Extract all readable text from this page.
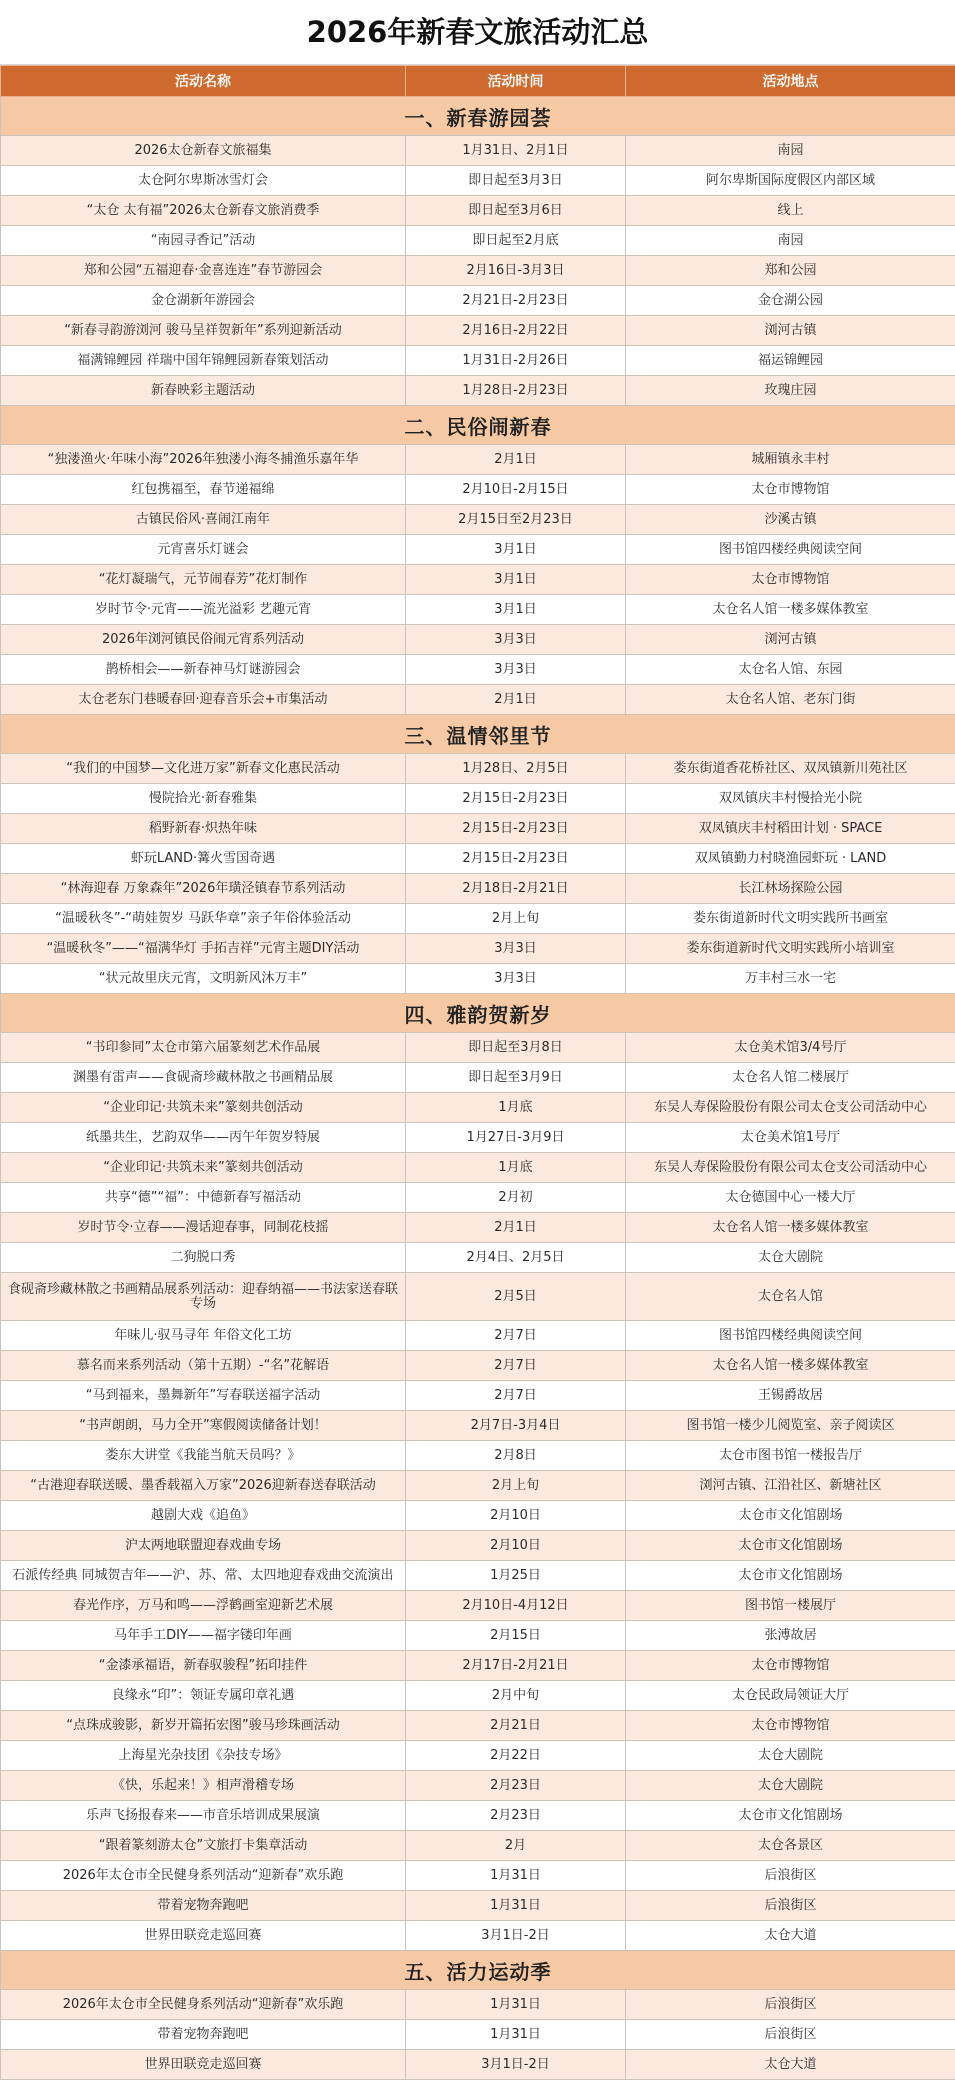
2026年新春文旅活动汇总
活动名称	活动时间	活动地点
一、新春游园荟		
2026太仓新春文旅福集	1月31日、2月1日	南园
太仓阿尔卑斯冰雪灯会	即日起至3月3日	阿尔卑斯国际度假区内部区域
“太仓 太有福”2026太仓新春文旅消费季	即日起至3月6日	线上
“南园寻香记”活动	即日起至2月底	南园
郑和公园“五福迎春·金喜连连”春节游园会	2月16日-3月3日	郑和公园
金仓湖新年游园会	2月21日-2月23日	金仓湖公园
“新春寻韵游浏河 骏马呈祥贺新年”系列迎新活动	2月16日-2月22日	浏河古镇
福满锦鲤园 祥瑞中国年锦鲤园新春策划活动	1月31日-2月26日	福运锦鲤园
新春映彩主题活动	1月28日-2月23日	玫瑰庄园
二、民俗闹新春		
“独溇渔火·年味小海”2026年独溇小海冬捕渔乐嘉年华	2月1日	城厢镇永丰村
红包携福至，春节递福绵	2月10日-2月15日	太仓市博物馆
古镇民俗风·喜闹江南年	2月15日至2月23日	沙溪古镇
元宵喜乐灯谜会	3月1日	图书馆四楼经典阅读空间
“花灯凝瑞气，元节闹春芳”花灯制作	3月1日	太仓市博物馆
岁时节令·元宵——流光溢彩 艺趣元宵	3月1日	太仓名人馆一楼多媒体教室
2026年浏河镇民俗闹元宵系列活动	3月3日	浏河古镇
鹊桥相会——新春神马灯谜游园会	3月3日	太仓名人馆、东园
太仓老东门巷暖春回·迎春音乐会+市集活动	2月1日	太仓名人馆、老东门街
三、温情邻里节		
“我们的中国梦—文化进万家”新春文化惠民活动	1月28日、2月5日	娄东街道香花桥社区、双凤镇新川苑社区
慢院拾光·新春雅集	2月15日-2月23日	双凤镇庆丰村慢拾光小院
稻野新春·炽热年味	2月15日-2月23日	双凤镇庆丰村稻田计划 · SPACE
虾玩LAND·篝火雪国奇遇	2月15日-2月23日	双凤镇勤力村晓渔园虾玩 · LAND
“林海迎春 万象森年”2026年璜泾镇春节系列活动	2月18日-2月21日	长江林场探险公园
“温暖秋冬”-“萌娃贺岁 马跃华章”亲子年俗体验活动	2月上旬	娄东街道新时代文明实践所书画室
“温暖秋冬”——“福满华灯 手拓吉祥”元宵主题DIY活动	3月3日	娄东街道新时代文明实践所小培训室
“状元故里庆元宵，文明新风沐万丰”	3月3日	万丰村三水一宅
四、雅韵贺新岁		
“书印参同”太仓市第六届篆刻艺术作品展	即日起至3月8日	太仓美术馆3/4号厅
渊墨有雷声——食砚斋珍藏林散之书画精品展	即日起至3月9日	太仓名人馆二楼展厅
“企业印记·共筑未来”篆刻共创活动	1月底	东吴人寿保险股份有限公司太仓支公司活动中心
纸墨共生，艺韵双华——丙午年贺岁特展	1月27日-3月9日	太仓美术馆1号厅
“企业印记·共筑未来”篆刻共创活动	1月底	东吴人寿保险股份有限公司太仓支公司活动中心
共享“德”“福”：中德新春写福活动	2月初	太仓德国中心一楼大厅
岁时节令·立春——漫话迎春事，同制花枝摇	2月1日	太仓名人馆一楼多媒体教室
二狗脱口秀	2月4日、2月5日	太仓大剧院
食砚斋珍藏林散之书画精品展系列活动：迎春纳福——书法家送春联专场	2月5日	太仓名人馆
年味儿·驭马寻年 年俗文化工坊	2月7日	图书馆四楼经典阅读空间
慕名而来系列活动（第十五期）-“名”花解语	2月7日	太仓名人馆一楼多媒体教室
“马到福来，墨舞新年”写春联送福字活动	2月7日	王锡爵故居
“书声朗朗，马力全开”寒假阅读储备计划！	2月7日-3月4日	图书馆一楼少儿阅览室、亲子阅读区
娄东大讲堂《我能当航天员吗？》	2月8日	太仓市图书馆一楼报告厅
“古港迎春联送暖、墨香载福入万家”2026迎新春送春联活动	2月上旬	浏河古镇、江沿社区、新塘社区
越剧大戏《追鱼》	2月10日	太仓市文化馆剧场
沪太两地联盟迎春戏曲专场	2月10日	太仓市文化馆剧场
石派传经典 同城贺吉年——沪、苏、常、太四地迎春戏曲交流演出	1月25日	太仓市文化馆剧场
春光作序，万马和鸣——浮鹤画室迎新艺术展	2月10日-4月12日	图书馆一楼展厅
马年手工DIY——福字镂印年画	2月15日	张溥故居
“金漆承福语，新春驭骏程”拓印挂件	2月17日-2月21日	太仓市博物馆
良缘永“印”：领证专属印章礼遇	2月中旬	太仓民政局领证大厅
“点珠成骏影，新岁开篇拓宏图”骏马珍珠画活动	2月21日	太仓市博物馆
上海星光杂技团《杂技专场》	2月22日	太仓大剧院
《快，乐起来！》相声滑稽专场	2月23日	太仓大剧院
乐声飞扬报春来——市音乐培训成果展演	2月23日	太仓市文化馆剧场
“跟着篆刻游太仓”文旅打卡集章活动	2月	太仓各景区
2026年太仓市全民健身系列活动“迎新春”欢乐跑	1月31日	后浪街区
带着宠物奔跑吧	1月31日	后浪街区
世界田联竞走巡回赛	3月1日-2日	太仓大道
五、活力运动季		
2026年太仓市全民健身系列活动“迎新春”欢乐跑	1月31日	后浪街区
带着宠物奔跑吧	1月31日	后浪街区
世界田联竞走巡回赛	3月1日-2日	太仓大道
